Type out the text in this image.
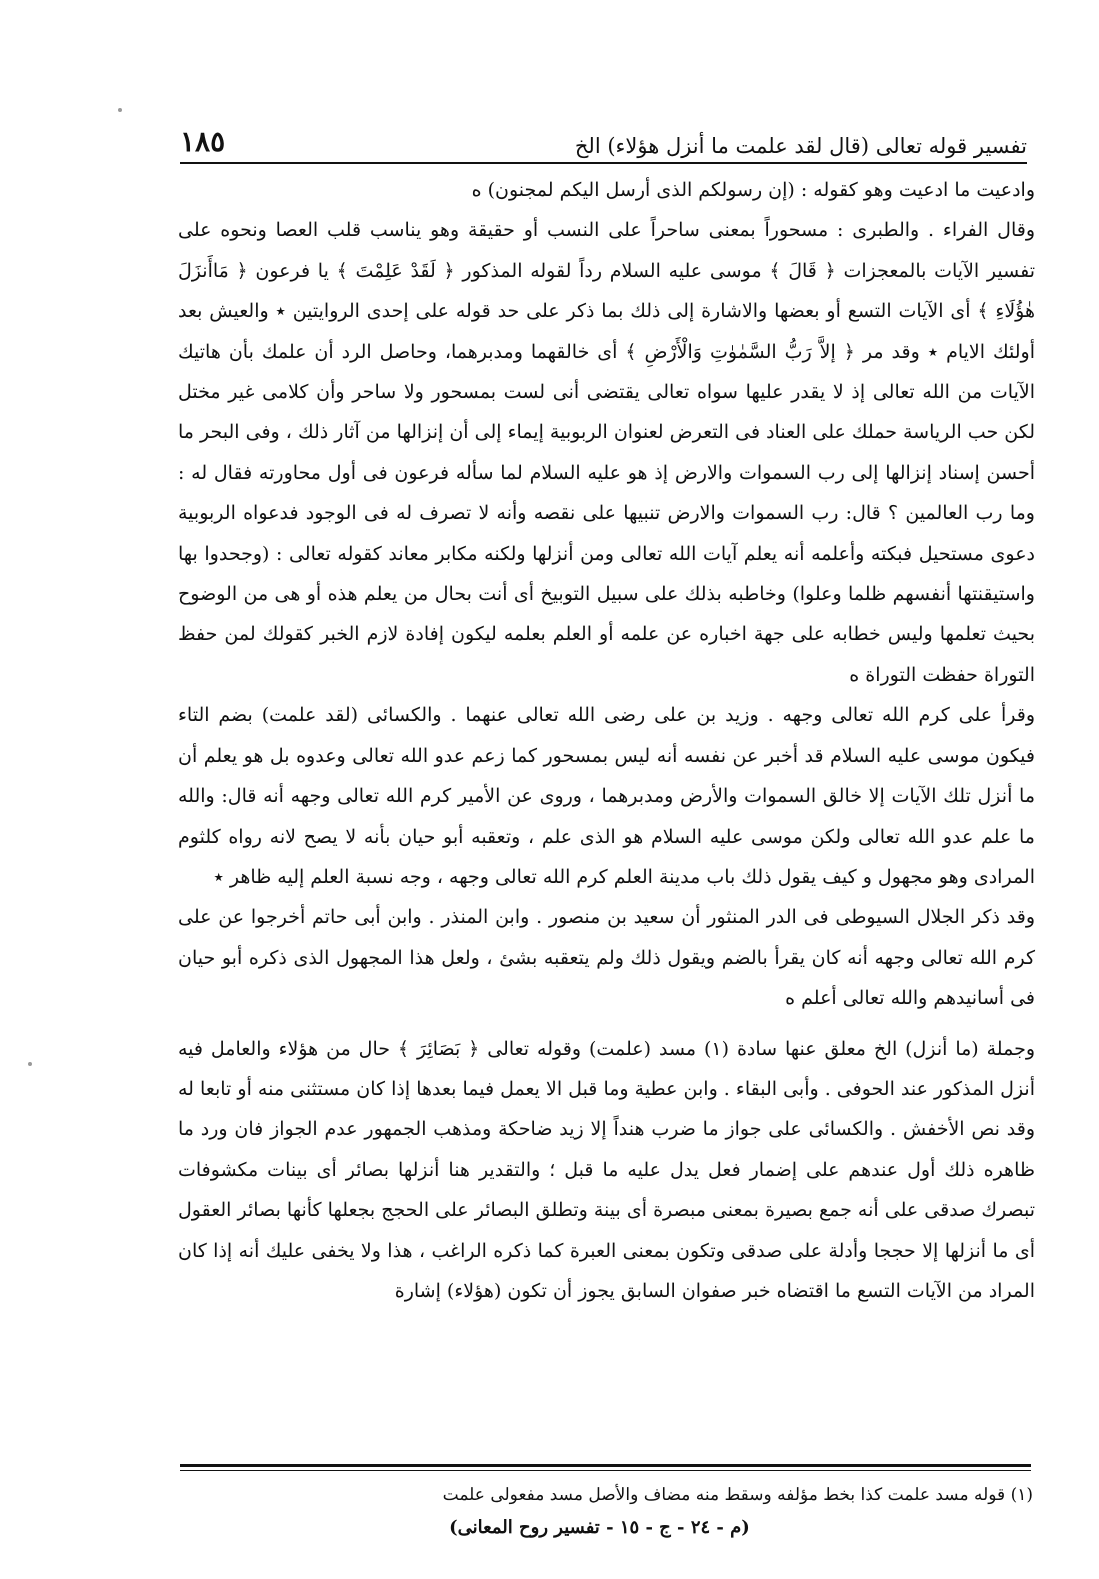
تفسير قوله تعالى (قال لقد علمت ما أنزل هؤلاء) الخ
١٨٥

وادعيت ما ادعيت وهو كقوله : (إن رسولكم الذى أرسل اليكم لمجنون) ه

وقال الفراء . والطبرى : مسحوراً بمعنى ساحراً على النسب أو حقيقة وهو يناسب قلب العصا ونحوه على تفسير الآيات بالمعجزات ﴿ قَالَ ﴾ موسى عليه السلام رداً لقوله المذكور ﴿ لَقَدْ عَلِمْتَ ﴾ يا فرعون ﴿ مَاأَنزَلَ هٰؤُلَاءِ ﴾ أى الآيات التسع أو بعضها والاشارة إلى ذلك بما ذكر على حد قوله على إحدى الروايتين ٭ والعيش بعد أولئك الايام ٭ وقد مر ﴿ إلاَّ رَبُّ السَّمٰوٰتِ وَالْأَرْضِ ﴾ أى خالقهما ومدبرهما، وحاصل الرد أن علمك بأن هاتيك الآيات من الله تعالى إذ لا يقدر عليها سواه تعالى يقتضى أنى لست بمسحور ولا ساحر وأن كلامى غير مختل لكن حب الرياسة حملك على العناد فى التعرض لعنوان الربوبية إيماء إلى أن إنزالها من آثار ذلك ، وفى البحر ما أحسن إسناد إنزالها إلى رب السموات والارض إذ هو عليه السلام لما سأله فرعون فى أول محاورته فقال له : وما رب العالمين ؟ قال: رب السموات والارض تنبيها على نقصه وأنه لا تصرف له فى الوجود فدعواه الربوبية دعوى مستحيل فبكته وأعلمه أنه يعلم آيات الله تعالى ومن أنزلها ولكنه مكابر معاند كقوله تعالى : (وجحدوا بها واستيقنتها أنفسهم ظلما وعلوا) وخاطبه بذلك على سبيل التوبيخ أى أنت بحال من يعلم هذه أو هى من الوضوح بحيث تعلمها وليس خطابه على جهة اخباره عن علمه أو العلم بعلمه ليكون إفادة لازم الخبر كقولك لمن حفظ التوراة حفظت التوراة ه

وقرأ على كرم الله تعالى وجهه . وزيد بن على رضى الله تعالى عنهما . والكسائى (لقد علمت) بضم التاء فيكون موسى عليه السلام قد أخبر عن نفسه أنه ليس بمسحور كما زعم عدو الله تعالى وعدوه بل هو يعلم أن ما أنزل تلك الآيات إلا خالق السموات والأرض ومدبرهما ، وروى عن الأمير كرم الله تعالى وجهه أنه قال: والله ما علم عدو الله تعالى ولكن موسى عليه السلام هو الذى علم ، وتعقبه أبو حيان بأنه لا يصح لانه رواه كلثوم المرادى وهو مجهول و كيف يقول ذلك باب مدينة العلم كرم الله تعالى وجهه ، وجه نسبة العلم إليه ظاهر ٭

وقد ذكر الجلال السيوطى فى الدر المنثور أن سعيد بن منصور . وابن المنذر . وابن أبى حاتم أخرجوا عن على كرم الله تعالى وجهه أنه كان يقرأ بالضم ويقول ذلك ولم يتعقبه بشئ ، ولعل هذا المجهول الذى ذكره أبو حيان فى أسانيدهم والله تعالى أعلم ه

وجملة (ما أنزل) الخ معلق عنها سادة (١) مسد (علمت) وقوله تعالى ﴿ بَصَائِرَ ﴾ حال من هؤلاء والعامل فيه أنزل المذكور عند الحوفى . وأبى البقاء . وابن عطية وما قبل الا يعمل فيما بعدها إذا كان مستثنى منه أو تابعا له وقد نص الأخفش . والكسائى على جواز ما ضرب هنداً إلا زيد ضاحكة ومذهب الجمهور عدم الجواز فان ورد ما ظاهره ذلك أول عندهم على إضمار فعل يدل عليه ما قبل ؛ والتقدير هنا أنزلها بصائر أى بينات مكشوفات تبصرك صدقى على أنه جمع بصيرة بمعنى مبصرة أى بينة وتطلق البصائر على الحجج بجعلها كأنها بصائر العقول أى ما أنزلها إلا حججا وأدلة على صدقى وتكون بمعنى العبرة كما ذكره الراغب ، هذا ولا يخفى عليك أنه إذا كان المراد من الآيات التسع ما اقتضاه خبر صفوان السابق يجوز أن تكون (هؤلاء) إشارة

(١) قوله مسد علمت كذا بخط مؤلفه وسقط منه مضاف والأصل مسد مفعولى علمت
(م - ٢٤ - ج - ١٥ - تفسير روح المعانى)
